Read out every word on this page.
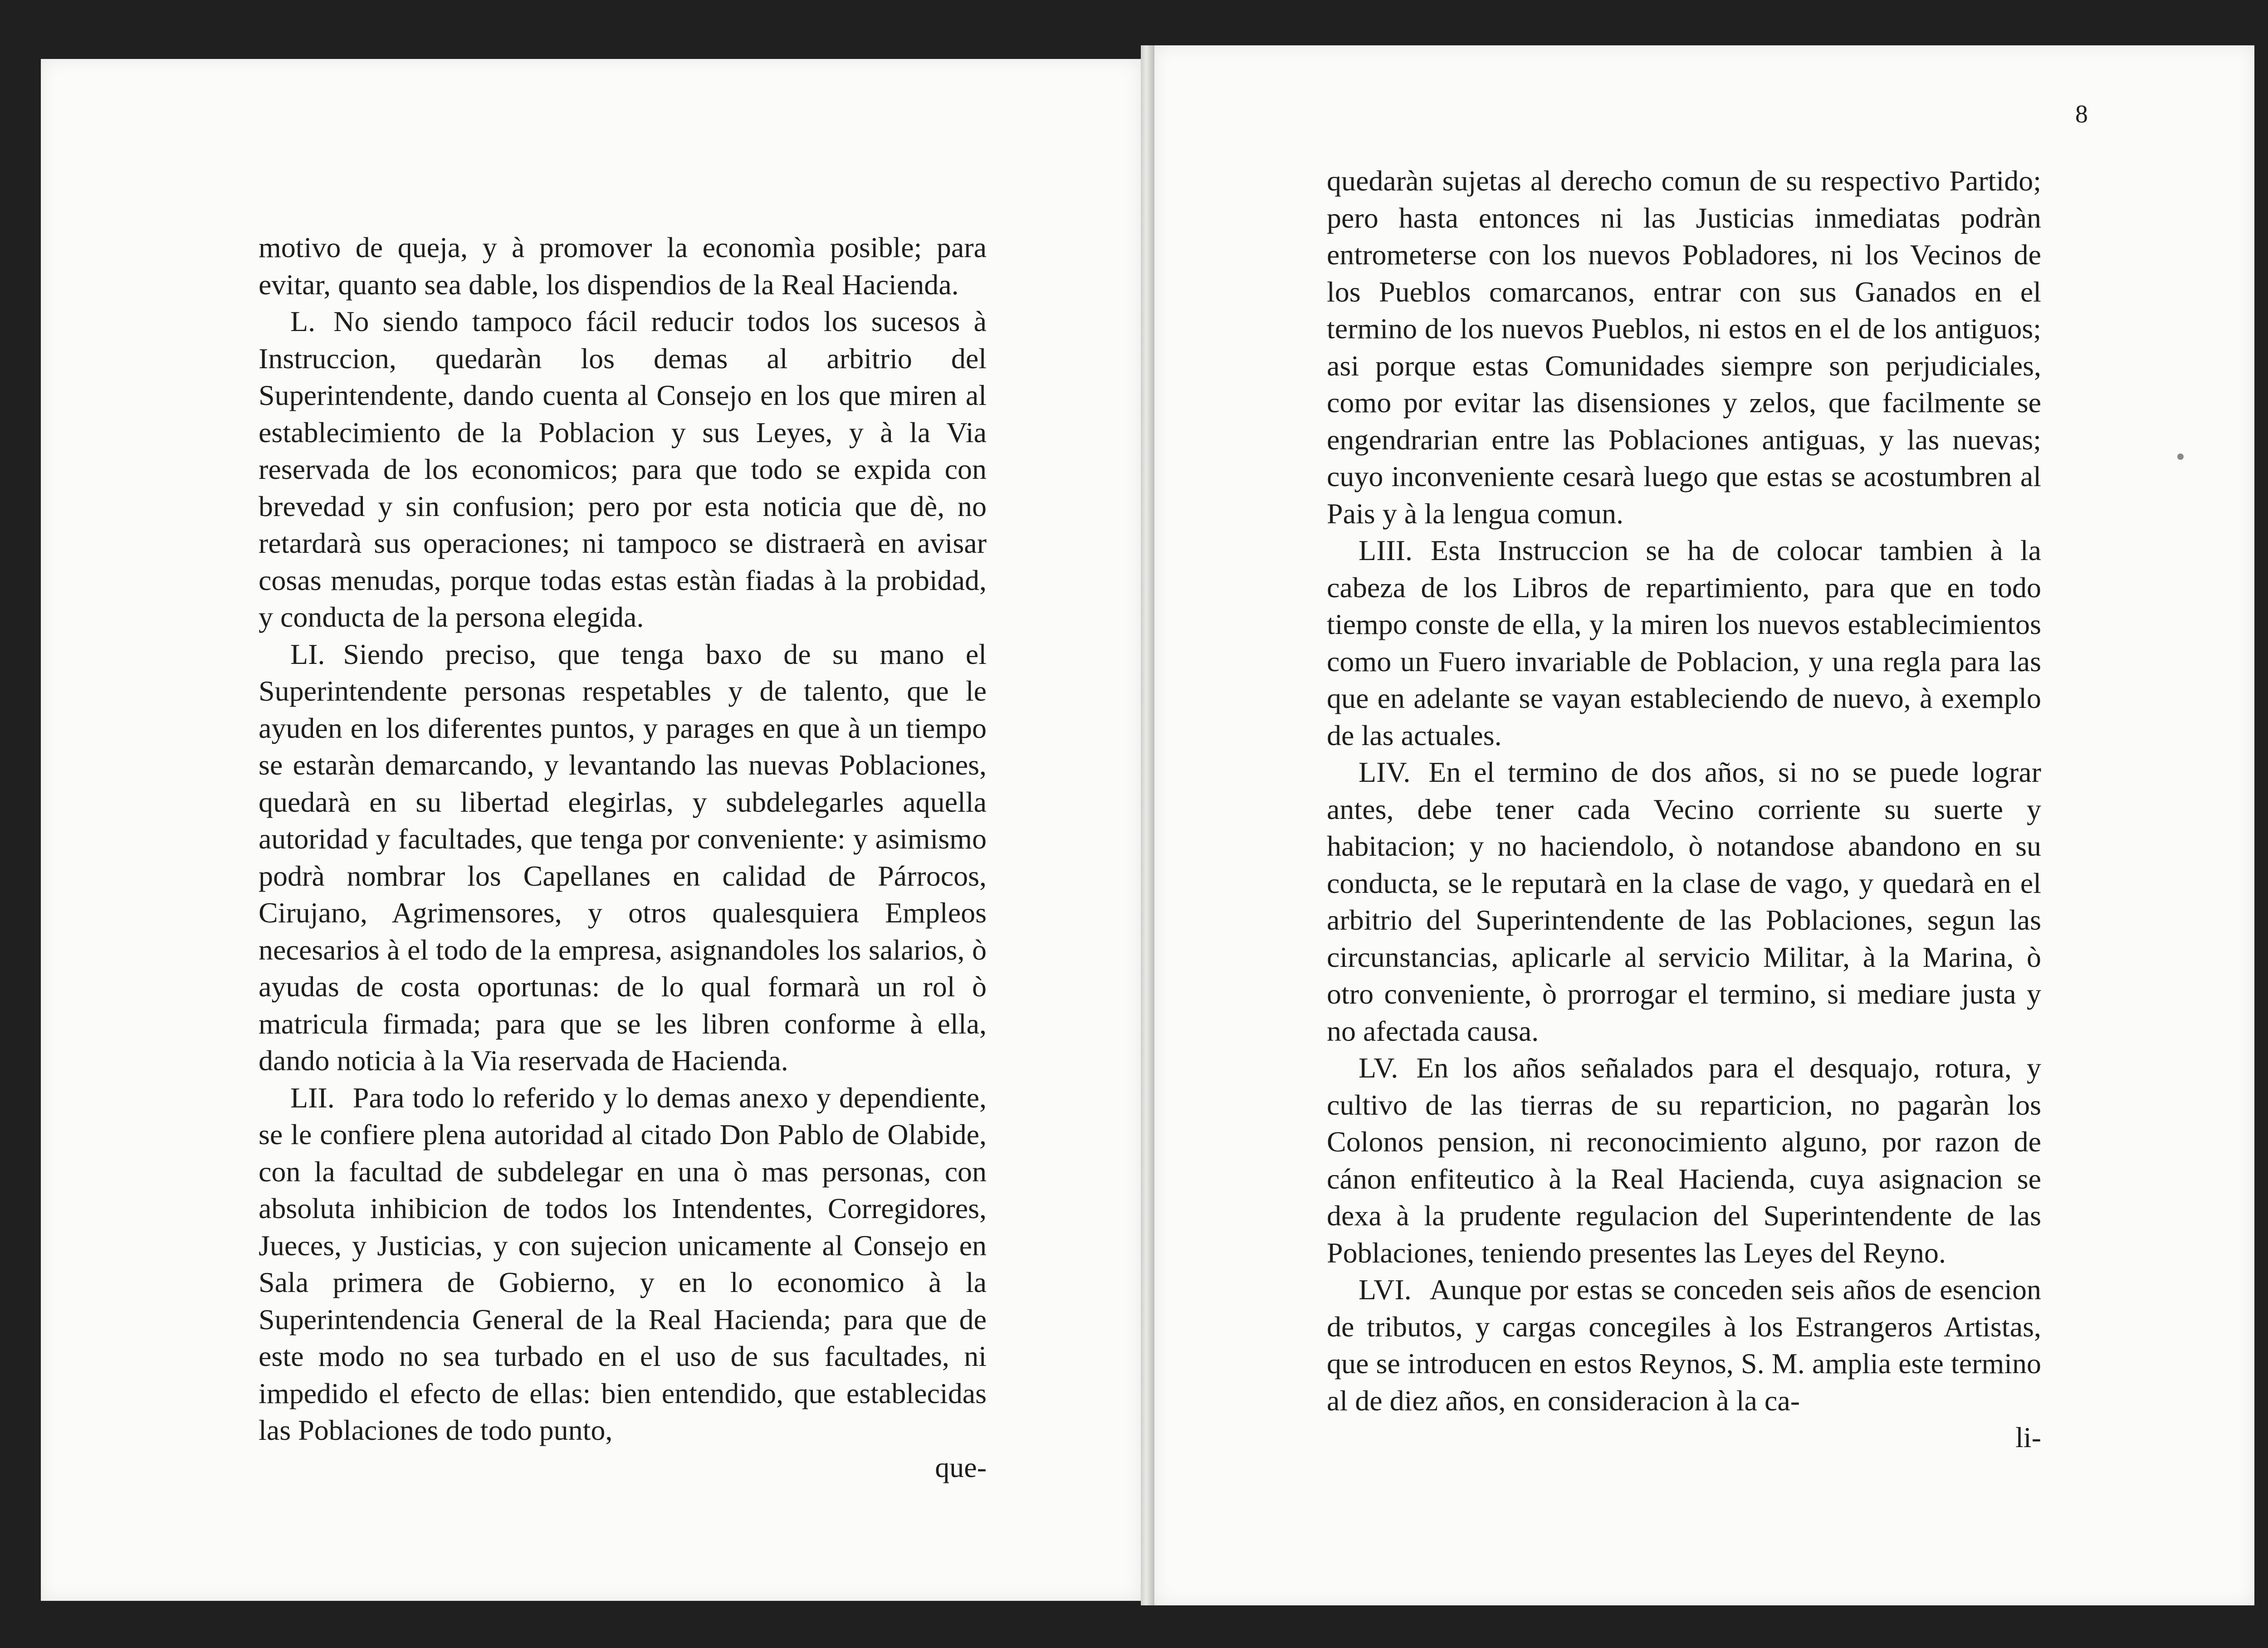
motivo de queja, y à promover la economìa posible; para evitar, quanto sea dable, los dispendios de la Real Hacienda.

L. No siendo tampoco fácil reducir todos los sucesos à Instruccion, quedaràn los demas al arbitrio del Superintendente, dando cuenta al Consejo en los que miren al establecimiento de la Poblacion y sus Leyes, y à la Via reservada de los economicos; para que todo se expida con brevedad y sin confusion; pero por esta noticia que dè, no retardarà sus operaciones; ni tampoco se distraerà en avisar cosas menudas, porque todas estas estàn fiadas à la probidad, y conducta de la persona elegida.

LI. Siendo preciso, que tenga baxo de su mano el Superintendente personas respetables y de talento, que le ayuden en los diferentes puntos, y parages en que à un tiempo se estaràn demarcando, y levantando las nuevas Poblaciones, quedarà en su libertad elegirlas, y subdelegarles aquella autoridad y facultades, que tenga por conveniente: y asimismo podrà nombrar los Capellanes en calidad de Párrocos, Cirujano, Agrimensores, y otros qualesquiera Empleos necesarios à el todo de la empresa, asignandoles los salarios, ò ayudas de costa oportunas: de lo qual formarà un rol ò matricula firmada; para que se les libren conforme à ella, dando noticia à la Via reservada de Hacienda.

LII. Para todo lo referido y lo demas anexo y dependiente, se le confiere plena autoridad al citado Don Pablo de Olabide, con la facultad de subdelegar en una ò mas personas, con absoluta inhibicion de todos los Intendentes, Corregidores, Jueces, y Justicias, y con sujecion unicamente al Consejo en Sala primera de Gobierno, y en lo economico à la Superintendencia General de la Real Hacienda; para que de este modo no sea turbado en el uso de sus facultades, ni impedido el efecto de ellas: bien entendido, que establecidas las Poblaciones de todo punto,

que-
8

quedaràn sujetas al derecho comun de su respectivo Partido; pero hasta entonces ni las Justicias inmediatas podràn entrometerse con los nuevos Pobladores, ni los Vecinos de los Pueblos comarcanos, entrar con sus Ganados en el termino de los nuevos Pueblos, ni estos en el de los antiguos; asi porque estas Comunidades siempre son perjudiciales, como por evitar las disensiones y zelos, que facilmente se engendrarian entre las Poblaciones antiguas, y las nuevas; cuyo inconveniente cesarà luego que estas se acostumbren al Pais y à la lengua comun.

LIII. Esta Instruccion se ha de colocar tambien à la cabeza de los Libros de repartimiento, para que en todo tiempo conste de ella, y la miren los nuevos establecimientos como un Fuero invariable de Poblacion, y una regla para las que en adelante se vayan estableciendo de nuevo, à exemplo de las actuales.

LIV. En el termino de dos años, si no se puede lograr antes, debe tener cada Vecino corriente su suerte y habitacion; y no haciendolo, ò notandose abandono en su conducta, se le reputarà en la clase de vago, y quedarà en el arbitrio del Superintendente de las Poblaciones, segun las circunstancias, aplicarle al servicio Militar, à la Marina, ò otro conveniente, ò prorrogar el termino, si mediare justa y no afectada causa.

LV. En los años señalados para el desquajo, rotura, y cultivo de las tierras de su reparticion, no pagaràn los Colonos pension, ni reconocimiento alguno, por razon de cánon enfiteutico à la Real Hacienda, cuya asignacion se dexa à la prudente regulacion del Superintendente de las Poblaciones, teniendo presentes las Leyes del Reyno.

LVI. Aunque por estas se conceden seis años de esencion de tributos, y cargas concegiles à los Estrangeros Artistas, que se introducen en estos Reynos, S. M. amplia este termino al de diez años, en consideracion à la ca-

li-
